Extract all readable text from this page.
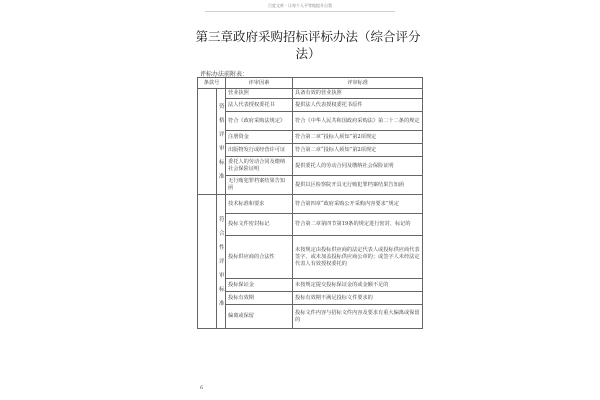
百度文库 - 让每个人平等地提升自我
第三章政府采购招标评标办法（综合评分法）
评标办法前附表：
条款号		评审因素	评审标准
	资格评审标准	营业执照	具备有效的营业执照
		法人代表授权委托书	提供法人代表授权委托书原件
		符合《政府采购法规定》	符合《中华人民共和国政府采购法》第二十二条的规定
		注册资金	符合第二章“投标人须知”第2项规定
		出版物发行或经营许可证	符合第二章“投标人须知”第2项规定
		委托人的劳动合同及缴纳社会保险证明	提供委托人的劳动合同及缴纳社会保险证明
		无行贿犯罪档案结果告知函	提供以区检察院开具无行贿犯罪档案结果告知函
	符合性评审标准	技术标准和要求	符合第四章“政府采购公开采购内容要求”规定
		投标文件密封标记	符合第二章第四节第19条的规定进行密封、标记的
		投标供应商的合法性	未按规定由投标供应商的法定代表人或投标供应商代表签字、或未加盖投标供应商公章的；或签字人未经法定代表人有效授权委托的
		投标保证金	未按规定提交投标保证金的或金额不足的
		投标有效期	投标有效期不满足投标文件要求的
		偏离或保留	投标文件内容与招标文件内容及要求有重大偏离或保留的
6
